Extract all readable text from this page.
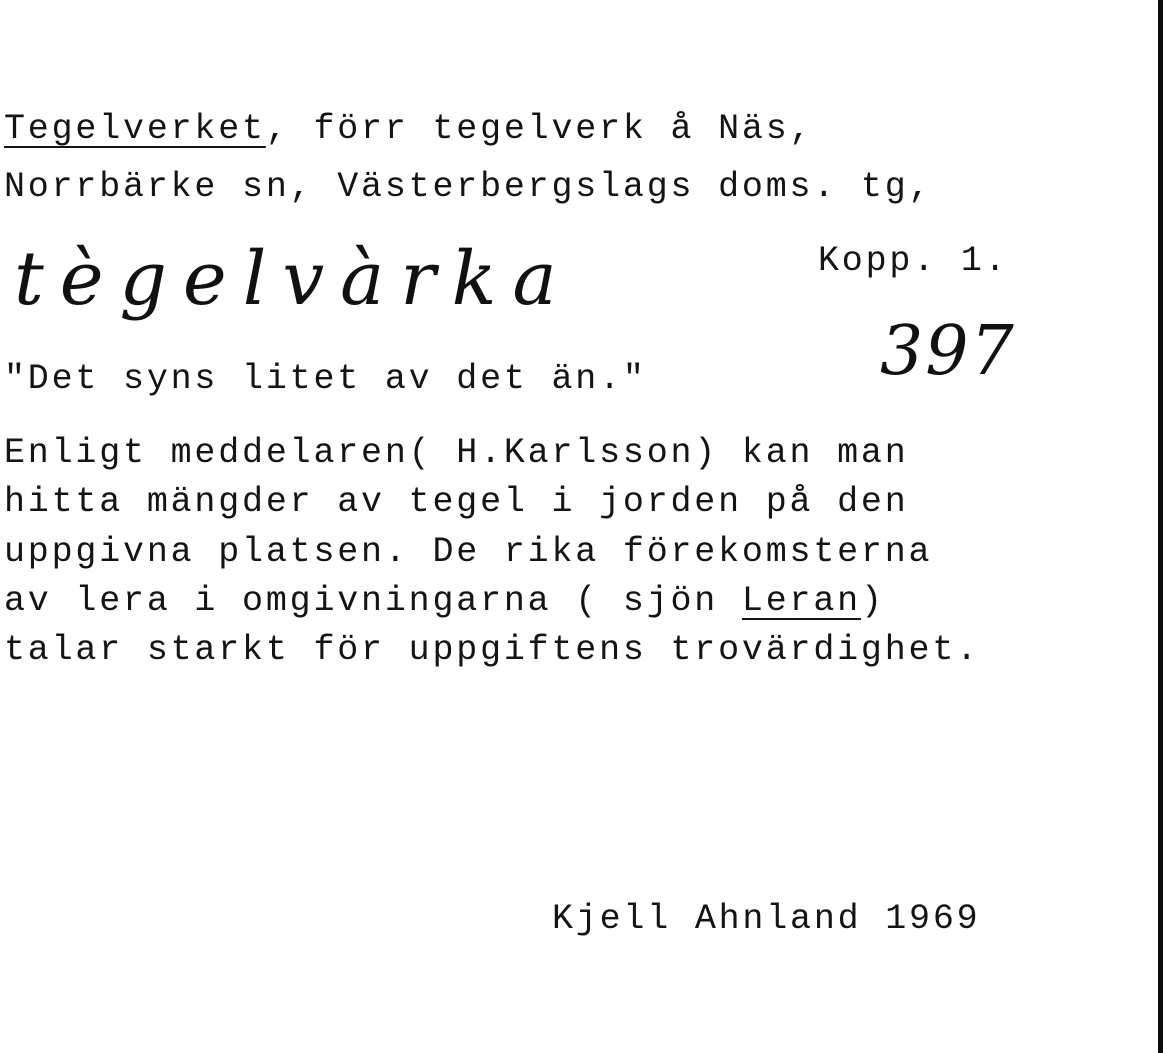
Tegelverket, förr tegelverk å Näs,
Norrbärke sn, Västerbergslags doms. tg,
Kopp. 1.
tègelvàrka
397
"Det syns litet av det än."
Enligt meddelaren( H.Karlsson) kan man
hitta mängder av tegel i jorden på den
uppgivna platsen. De rika förekomsterna
av lera i omgivningarna ( sjön Leran)
talar starkt för uppgiftens trovärdighet.
Kjell Ahnland 1969
